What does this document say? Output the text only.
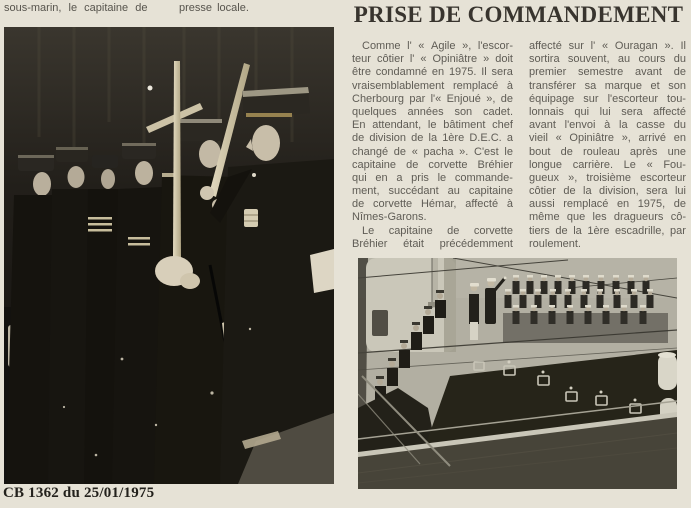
sous-marin, le capitaine de	presse locale.	PRISE DE COMMANDEMENT
Comme l' « Agile », l'escor-
teur côtier l' « Opiniâtre » doit
être condamné en 1975. Il sera
vraisemblablement remplacé à
Cherbourg par l'« Enjoué », de
quelques années son cadet.
En attendant, le bâtiment chef
de division de la 1ère D.E.C. a
changé de « pacha ». C'est le
capitaine de corvette Bréhier
qui en a pris le commande-
ment, succédant au capitaine
de corvette Hémar, affecté à
Nîmes-Garons.
Le capitaine de corvette
Bréhier était précédemment
affecté sur l' « Ouragan ». Il
sortira souvent, au cours du
premier semestre avant de
transférer sa marque et son
équipage sur l'escorteur tou-
lonnais qui lui sera affecté
avant l'envoi à la casse du
vieil « Opiniâtre », arrivé en
bout de rouleau après une
longue carrière. Le « Fou-
gueux », troisième escorteur
côtier de la division, sera lui
aussi remplacé en 1975, de
même que les dragueurs cô-
tiers de la 1ère escadrille, par
roulement.
CB 1362 du 25/01/1975
